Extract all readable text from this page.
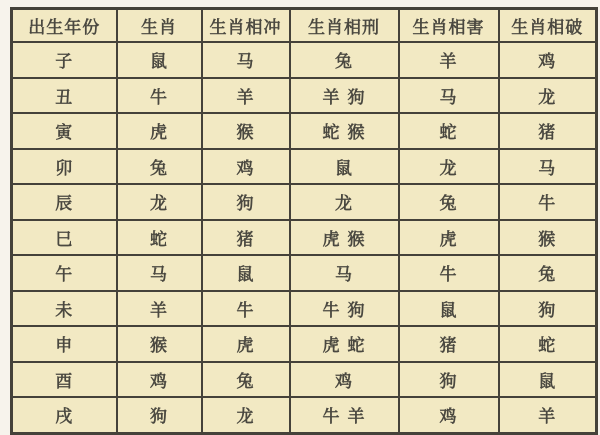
出生年份	生肖	生肖相冲	生肖相刑	生肖相害	生肖相破
子	鼠	马	兔	羊	鸡
丑	牛	羊	羊 狗	马	龙
寅	虎	猴	蛇 猴	蛇	猪
卯	兔	鸡	鼠	龙	马
辰	龙	狗	龙	兔	牛
巳	蛇	猪	虎 猴	虎	猴
午	马	鼠	马	牛	兔
未	羊	牛	牛 狗	鼠	狗
申	猴	虎	虎 蛇	猪	蛇
酉	鸡	兔	鸡	狗	鼠
戌	狗	龙	牛 羊	鸡	羊
